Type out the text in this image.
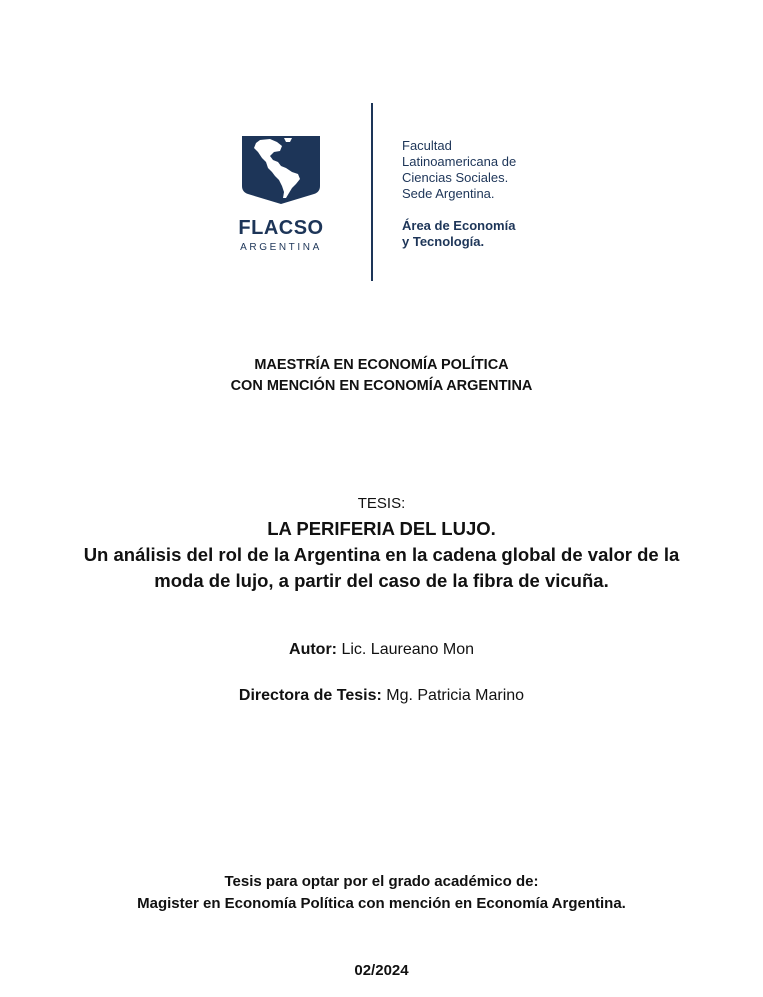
FLACSO
ARGENTINA
Facultad
Latinoamericana de
Ciencias Sociales.
Sede Argentina.
Área de Economía
y Tecnología.
MAESTRÍA EN ECONOMÍA POLÍTICA
CON MENCIÓN EN ECONOMÍA ARGENTINA
TESIS:
LA PERIFERIA DEL LUJO.
Un análisis del rol de la Argentina en la cadena global de valor de la
moda de lujo, a partir del caso de la fibra de vicuña.
Autor: Lic. Laureano Mon
Directora de Tesis: Mg. Patricia Marino
Tesis para optar por el grado académico de:
Magister en Economía Política con mención en Economía Argentina.
02/2024
